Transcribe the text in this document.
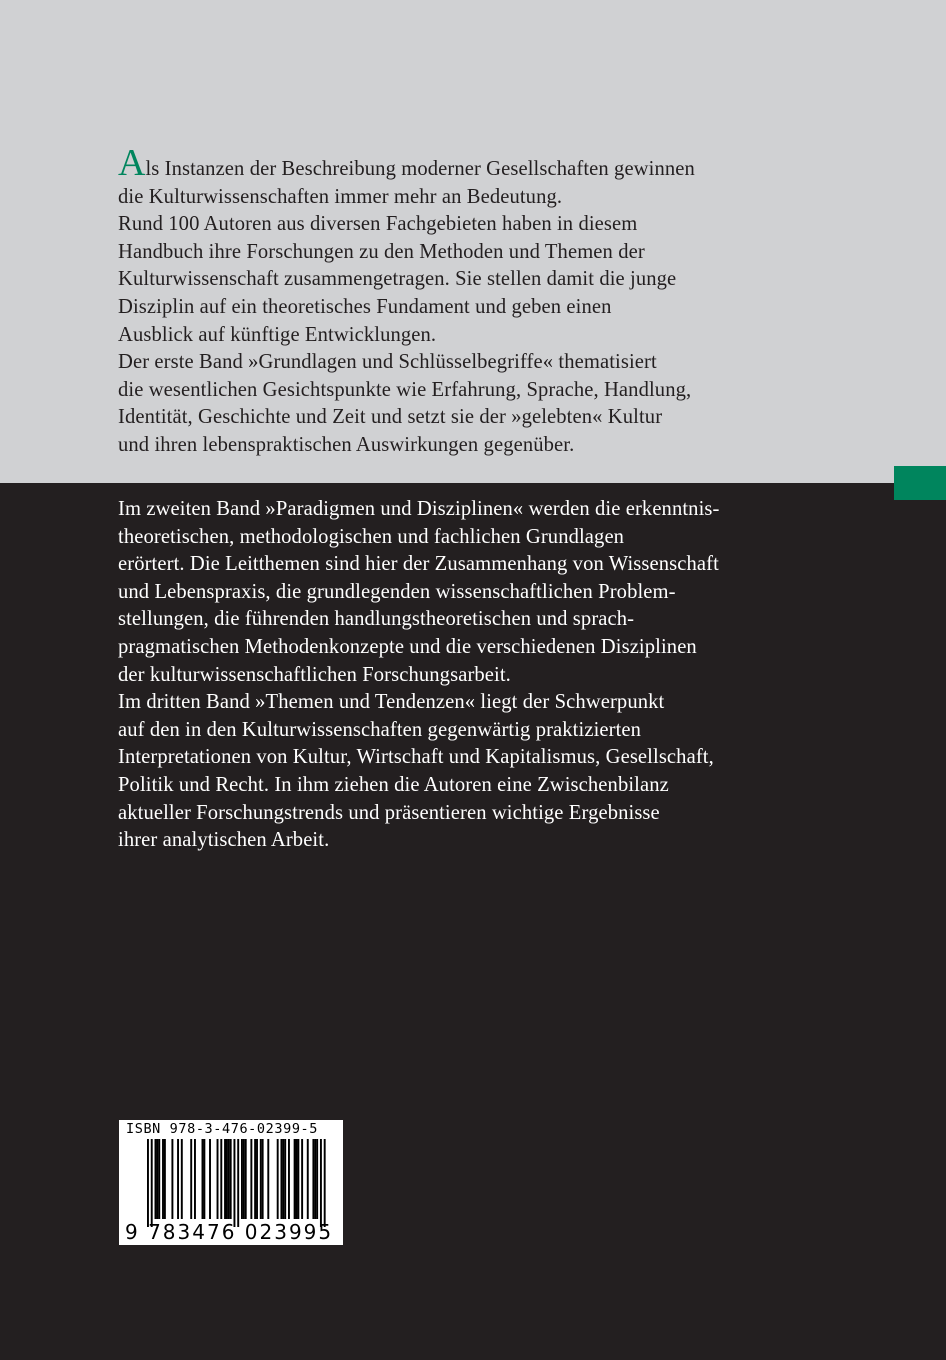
Als Instanzen der Beschreibung moderner Gesellschaften gewinnen
die Kulturwissenschaften immer mehr an Bedeutung.
Rund 100 Autoren aus diversen Fachgebieten haben in diesem
Handbuch ihre Forschungen zu den Methoden und Themen der
Kulturwissenschaft zusammengetragen. Sie stellen damit die junge
Disziplin auf ein theoretisches Fundament und geben einen
Ausblick auf künftige Entwicklungen.
Der erste Band »Grundlagen und Schlüsselbegriffe« thematisiert
die wesentlichen Gesichtspunkte wie Erfahrung, Sprache, Handlung,
Identität, Geschichte und Zeit und setzt sie der »gelebten« Kultur
und ihren lebenspraktischen Auswirkungen gegenüber.
Im zweiten Band »Paradigmen und Disziplinen« werden die erkenntnis-
theoretischen, methodologischen und fachlichen Grundlagen
erörtert. Die Leitthemen sind hier der Zusammenhang von Wissenschaft
und Lebenspraxis, die grundlegenden wissenschaftlichen Problem-
stellungen, die führenden handlungstheoretischen und sprach-
pragmatischen Methodenkonzepte und die verschiedenen Disziplinen
der kulturwissenschaftlichen Forschungsarbeit.
Im dritten Band »Themen und Tendenzen« liegt der Schwerpunkt
auf den in den Kulturwissenschaften gegenwärtig praktizierten
Interpretationen von Kultur, Wirtschaft und Kapitalismus, Gesellschaft,
Politik und Recht. In ihm ziehen die Autoren eine Zwischenbilanz
aktueller Forschungstrends und präsentieren wichtige Ergebnisse
ihrer analytischen Arbeit.

ISBN 978-3-476-02399-5

9 783476 023995
